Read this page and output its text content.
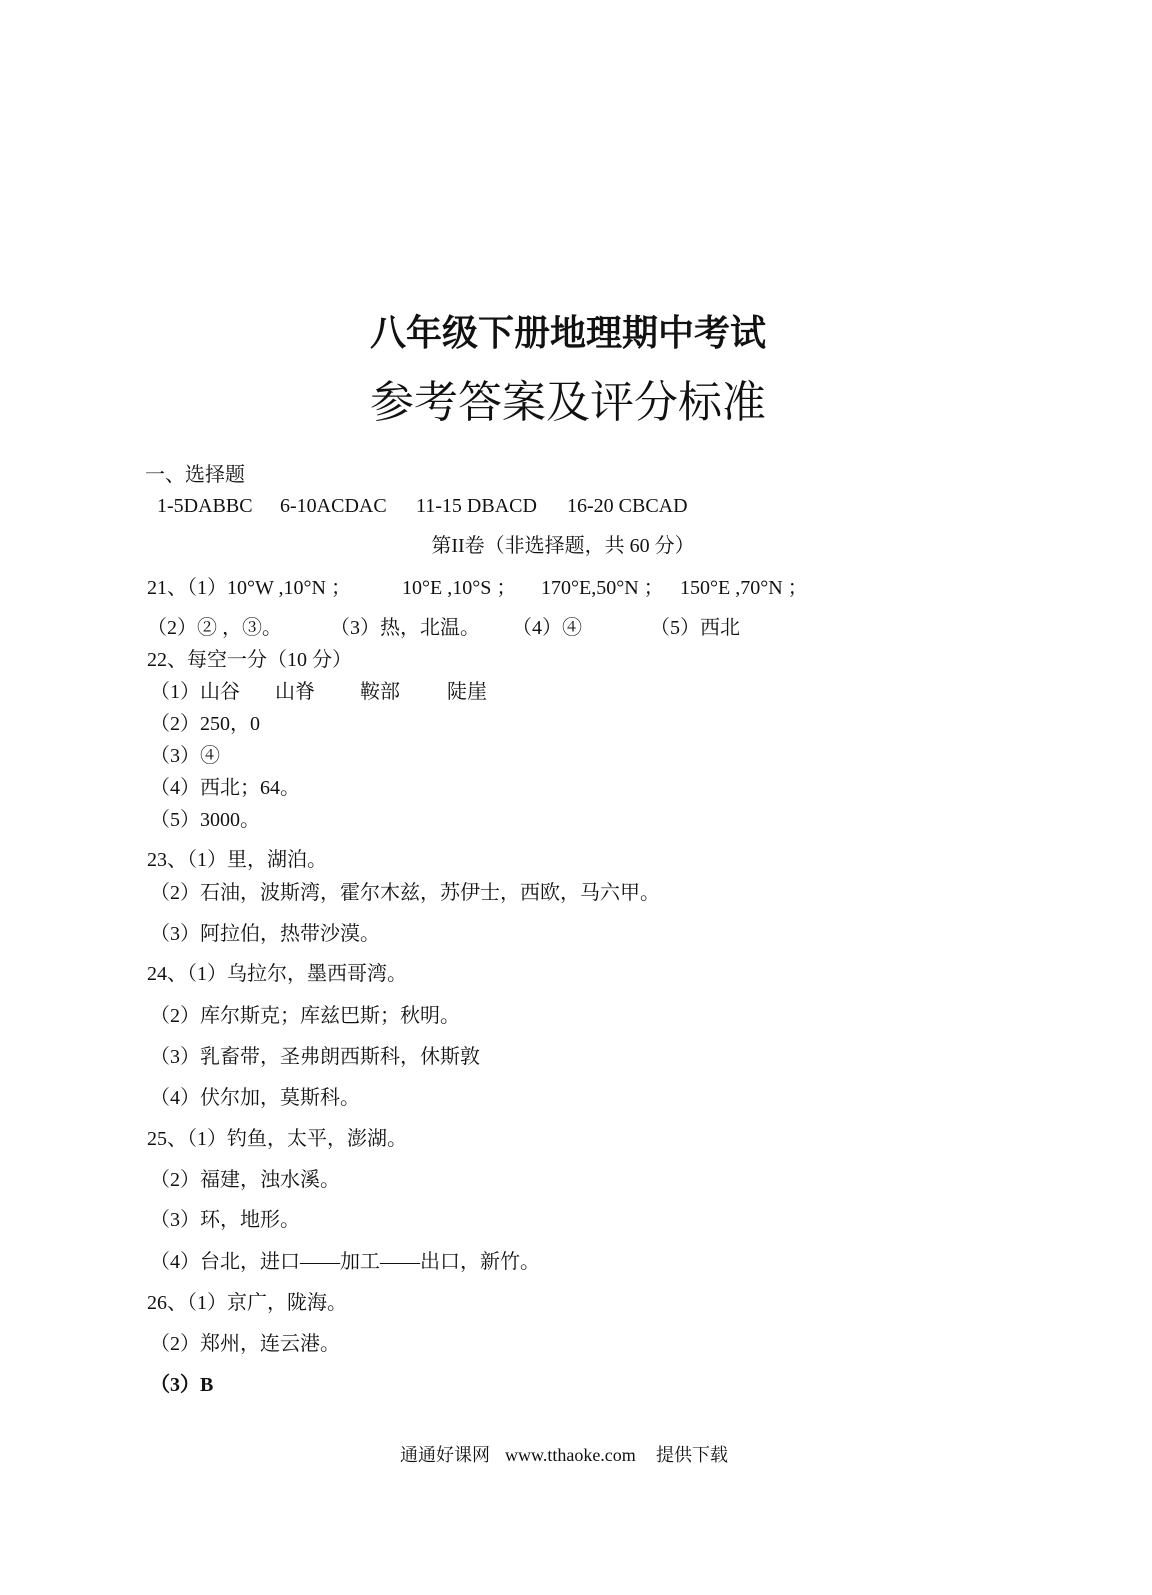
八年级下册地理期中考试
参考答案及评分标准
一、选择题
1-5DABBC 6-10ACDAC 11-15 DBACD 16-20 CBCAD
第II卷（非选择题，共 60 分）
21、（1）10°W ,10°N ；	10°E ,10°S ； 170°E,50°N ； 150°E ,70°N ；
（2）② ，③。 （3）热，北温。 （4）④	（5）西北
22、每空一分（10 分）
（1）山谷 山脊 鞍部 陡崖
（2）250，0
（3）④
（4）西北；64。
（5）3000。
23、（1）里，湖泊。
（2）石油，波斯湾，霍尔木兹，苏伊士，西欧，马六甲。
（3）阿拉伯，热带沙漠。
24、（1）乌拉尔，墨西哥湾。
（2）库尔斯克；库兹巴斯；秋明。
（3）乳畜带，圣弗朗西斯科，休斯敦
（4）伏尔加，莫斯科。
25、（1）钓鱼，太平，澎湖。
（2）福建，浊水溪。
（3）环，地形。
（4）台北，进口——加工——出口，新竹。
26、（1）京广，陇海。
（2）郑州，连云港。
（3）B
通通好课网 www.tthaoke.com 提供下载
